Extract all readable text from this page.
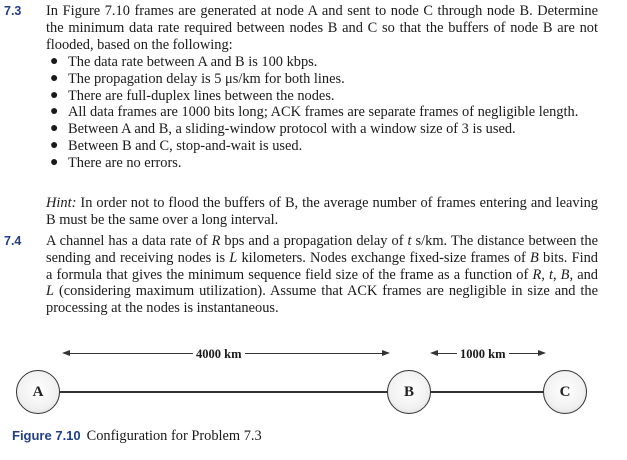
7.3 In Figure 7.10 frames are generated at node A and sent to node C through node B. Determine the minimum data rate required between nodes B and C so that the buffers of node B are not flooded, based on the following:
● The data rate between A and B is 100 kbps.
● The propagation delay is 5 μs/km for both lines.
● There are full-duplex lines between the nodes.
● All data frames are 1000 bits long; ACK frames are separate frames of negligible length.
● Between A and B, a sliding-window protocol with a window size of 3 is used.
● Between B and C, stop-and-wait is used.
● There are no errors.
Hint: In order not to flood the buffers of B, the average number of frames entering and leaving B must be the same over a long interval.
7.4 A channel has a data rate of R bps and a propagation delay of t s/km. The distance between the sending and receiving nodes is L kilometers. Nodes exchange fixed-size frames of B bits. Find a formula that gives the minimum sequence field size of the frame as a function of R, t, B, and L (considering maximum utilization). Assume that ACK frames are negligible in size and the processing at the nodes is instantaneous.
4000 km	1000 km
A	B	C
Figure 7.10 Configuration for Problem 7.3
